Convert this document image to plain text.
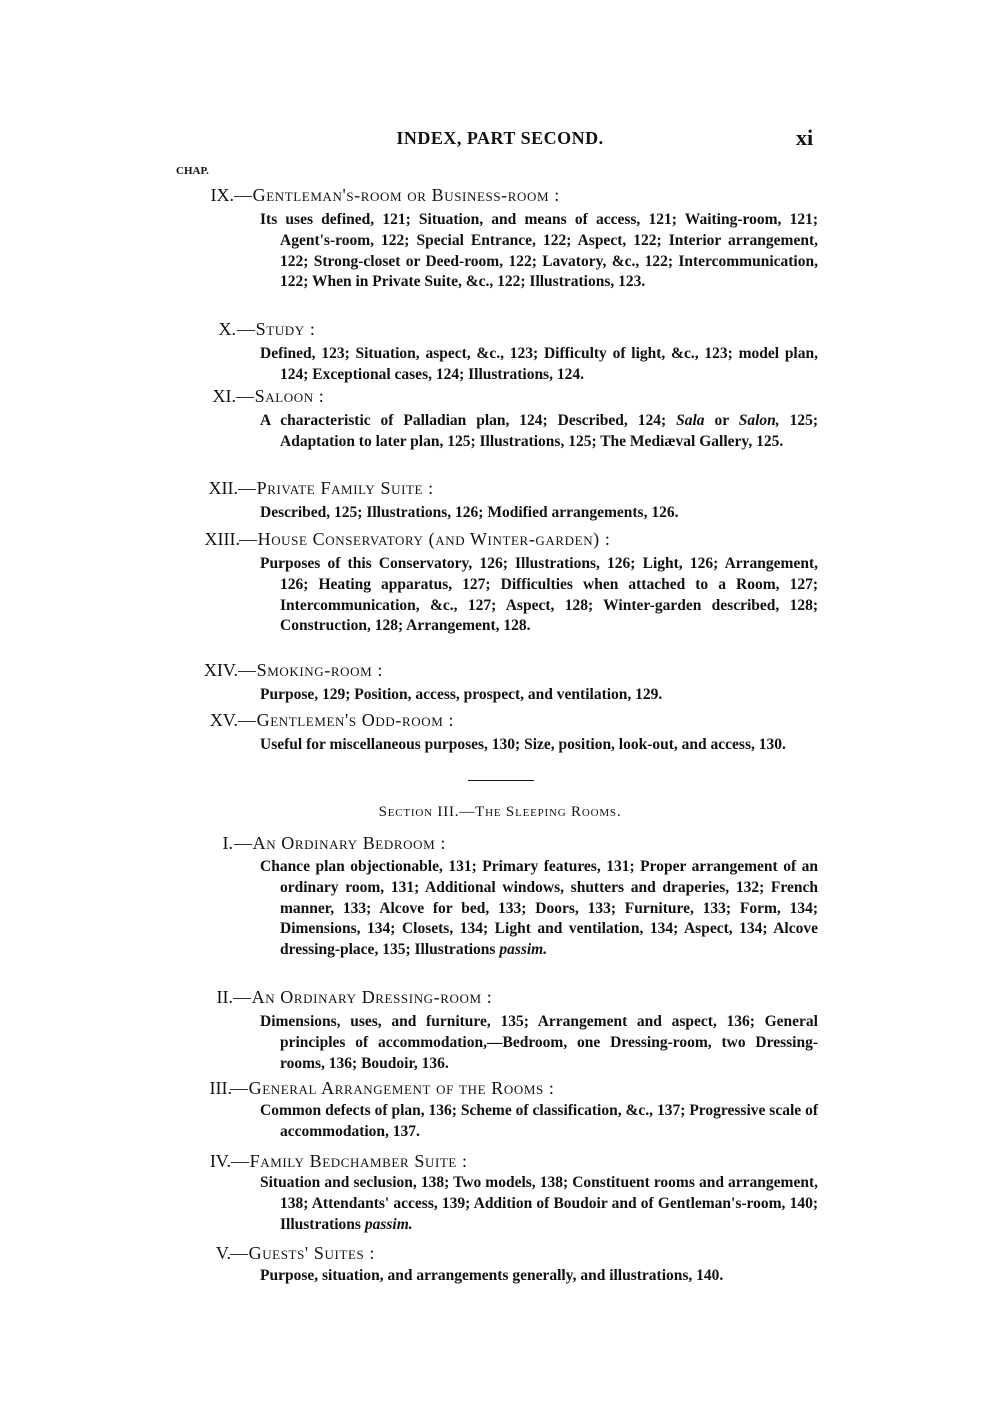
INDEX, PART SECOND.	xi
CHAP.
IX. —Gentleman's-room or Business-room :
Its uses defined, 121; Situation, and means of access, 121; Waiting-room, 121; Agent's-room, 122; Special Entrance, 122; Aspect, 122; Interior arrangement, 122; Strong-closet or Deed-room, 122; Lavatory, &c., 122; Intercommunication, 122; When in Private Suite, &c., 122; Illustrations, 123.
X. —Study :
Defined, 123; Situation, aspect, &c., 123; Difficulty of light, &c., 123; model plan, 124; Exceptional cases, 124; Illustrations, 124.
XI. —Saloon :
A characteristic of Palladian plan, 124; Described, 124; Sala or Salon, 125; Adaptation to later plan, 125; Illustrations, 125; The Mediæval Gallery, 125.
XII. —Private Family Suite :
Described, 125; Illustrations, 126; Modified arrangements, 126.
XIII. —House Conservatory (and Winter-garden) :
Purposes of this Conservatory, 126; Illustrations, 126; Light, 126; Arrangement, 126; Heating apparatus, 127; Difficulties when attached to a Room, 127; Intercommunication, &c., 127; Aspect, 128; Winter-garden described, 128; Construction, 128; Arrangement, 128.
XIV. —Smoking-room :
Purpose, 129; Position, access, prospect, and ventilation, 129.
XV. —Gentlemen's Odd-room :
Useful for miscellaneous purposes, 130; Size, position, look-out, and access, 130.
Section III.—The Sleeping Rooms.
I. —An Ordinary Bedroom :
Chance plan objectionable, 131; Primary features, 131; Proper arrangement of an ordinary room, 131; Additional windows, shutters and draperies, 132; French manner, 133; Alcove for bed, 133; Doors, 133; Furniture, 133; Form, 134; Dimensions, 134; Closets, 134; Light and ventilation, 134; Aspect, 134; Alcove dressing-place, 135; Illustrations passim.
II. —An Ordinary Dressing-room :
Dimensions, uses, and furniture, 135; Arrangement and aspect, 136; General principles of accommodation,—Bedroom, one Dressing-room, two Dressing-rooms, 136; Boudoir, 136.
III.
—General Arrangement of the Rooms :
Common defects of plan, 136; Scheme of classification, &c., 137; Progressive scale of accommodation, 137.
IV. —Family Bedchamber Suite :
Situation and seclusion, 138; Two models, 138; Constituent rooms and arrangement, 138; Attendants' access, 139; Addition of Boudoir and of Gentleman's-room, 140; Illustrations passim.
V. —Guests' Suites :
Purpose, situation, and arrangements generally, and illustrations, 140.
